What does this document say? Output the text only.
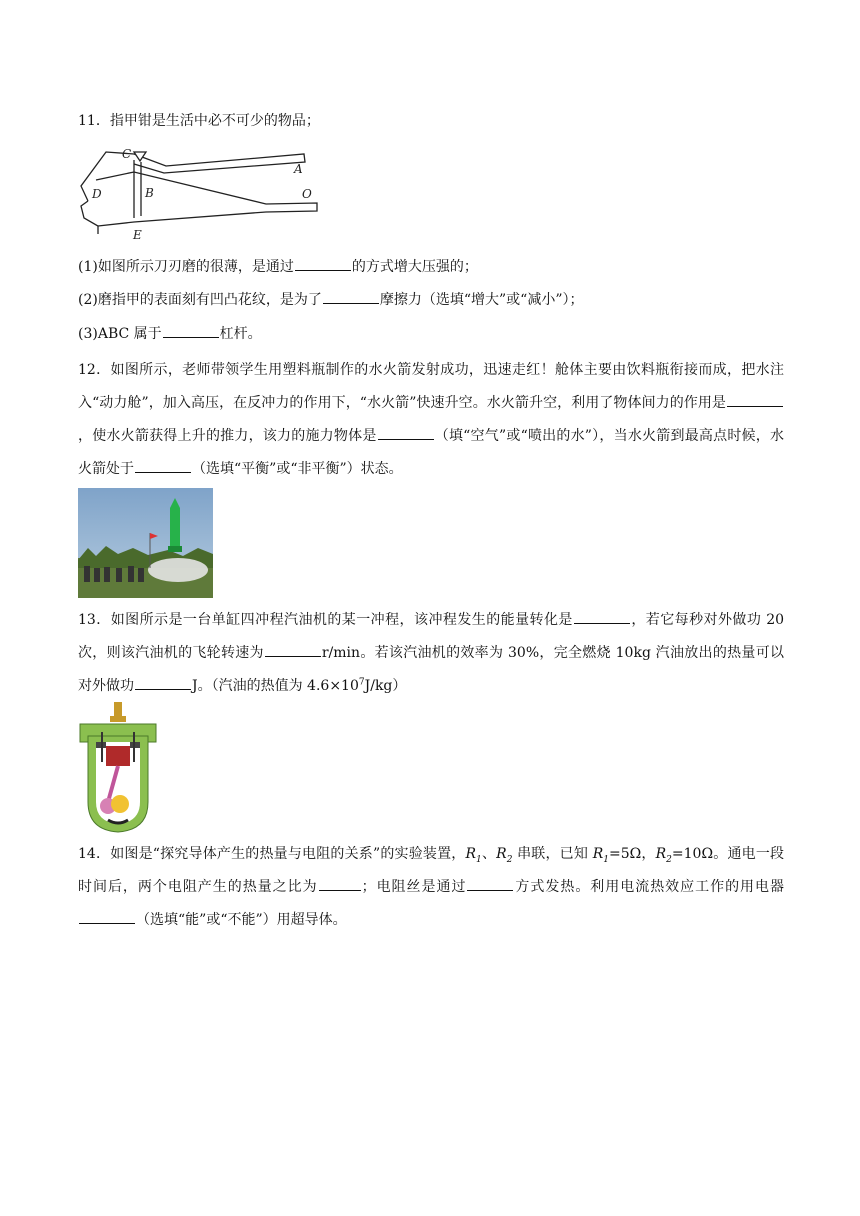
11．指甲钳是生活中必不可少的物品；
C
A
D	B	O
E
(1)如图所示刀刃磨的很薄，是通过	的方式增大压强的；
(2)磨指甲的表面刻有凹凸花纹，是为了	摩擦力（选填“增大”或“减小”）；
(3)ABC 属于	杠杆。
12．如图所示，老师带领学生用塑料瓶制作的水火箭发射成功，迅速走红！舱体主要由饮料瓶衔接而成，把水注入“动力舱”，加入高压，在反冲力的作用下，“水火箭”快速升空。水火箭升空，利用了物体间力的作用是，使水火箭获得上升的推力，该力的施力物体是	（填“空气”或“喷出的水”），当水火箭到最高点时候，水火箭处于	（选填“平衡”或“非平衡”）状态。
13．如图所示是一台单缸四冲程汽油机的某一冲程，该冲程发生的能量转化是	，若它每秒对外做功 20 次，则该汽油机的飞轮转速为	r/min。若该汽油机的效率为 30%，完全燃烧 10kg 汽油放出的热量可以对外做功	J。（汽油的热值为 $4.6\times 10^7J/kg$）
14．如图是“探究导体产生的热量与电阻的关系”的实验装置，$R_1$、$R_2$ 串联，已知 $R_1=5\Omega$，$R_2=10\Omega$。通电一段时间后，两个电阻产生的热量之比为	；电阻丝是通过	方式发热。利用电流热效应工作的用电器（选填“能”或“不能”）用超导体。
